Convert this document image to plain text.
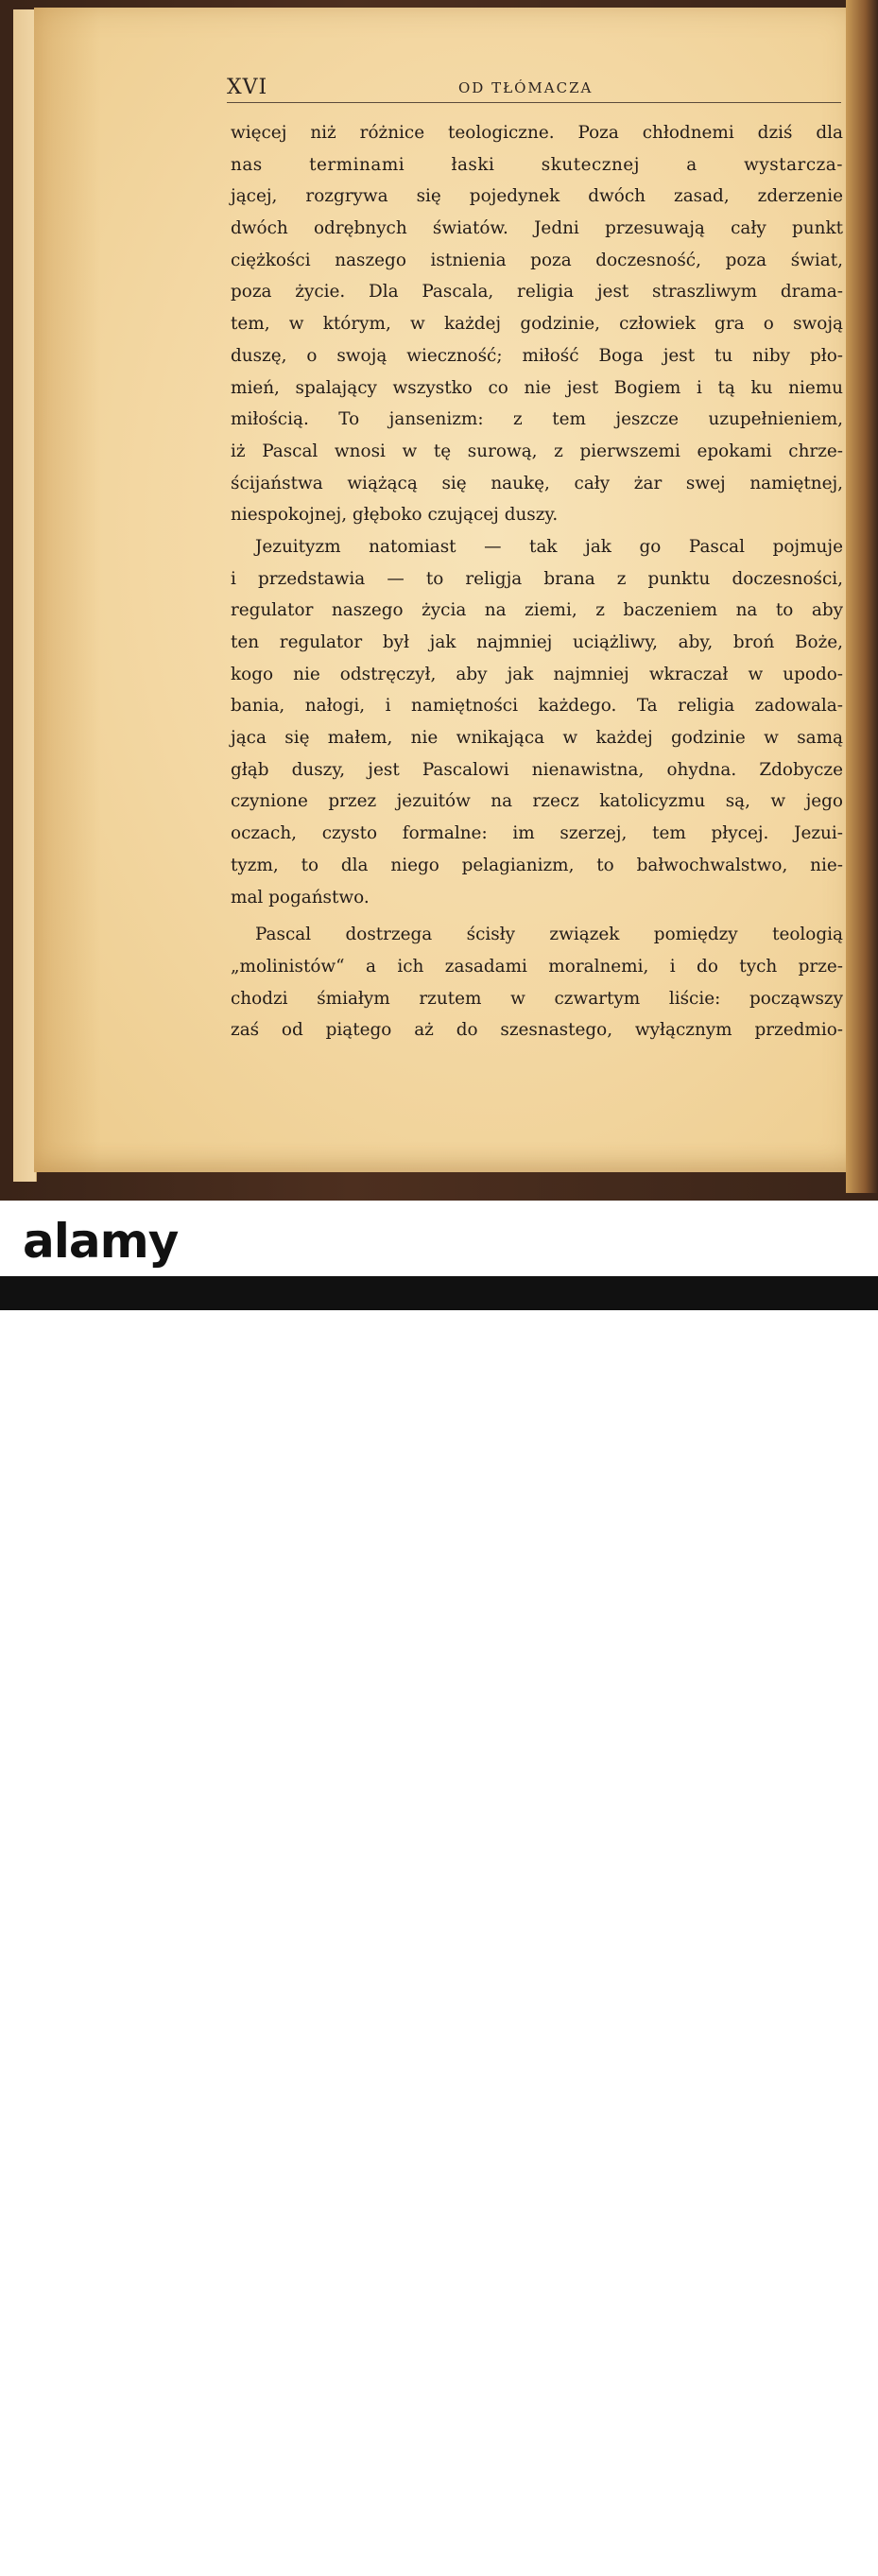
XVI	OD TŁÓMACZA
więcej niż różnice teologiczne. Poza chłodnemi dziś dla
nas terminami łaski skutecznej a wystarcza-
jącej, rozgrywa się pojedynek dwóch zasad, zderzenie
dwóch odrębnych światów. Jedni przesuwają cały punkt
ciężkości naszego istnienia poza doczesność, poza świat,
poza życie. Dla Pascala, religia jest straszliwym drama-
tem, w którym, w każdej godzinie, człowiek gra o swoją
duszę, o swoją wieczność; miłość Boga jest tu niby pło-
mień, spalający wszystko co nie jest Bogiem i tą ku niemu
miłością. To jansenizm: z tem jeszcze uzupełnieniem,
iż Pascal wnosi w tę surową, z pierwszemi epokami chrze-
ścijaństwa wiążącą się naukę, cały żar swej namiętnej,
niespokojnej, głęboko czującej duszy.
Jezuityzm natomiast — tak jak go Pascal pojmuje
i przedstawia — to religja brana z punktu doczesności,
regulator naszego życia na ziemi, z baczeniem na to aby
ten regulator był jak najmniej uciążliwy, aby, broń Boże,
kogo nie odstręczył, aby jak najmniej wkraczał w upodo-
bania, nałogi, i namiętności każdego. Ta religia zadowala-
jąca się małem, nie wnikająca w każdej godzinie w samą
głąb duszy, jest Pascalowi nienawistna, ohydna. Zdobycze
czynione przez jezuitów na rzecz katolicyzmu są, w jego
oczach, czysto formalne: im szerzej, tem płycej. Jezui-
tyzm, to dla niego pelagianizm, to bałwochwalstwo, nie-
mal pogaństwo.
Pascal dostrzega ścisły związek pomiędzy teologią
„molinistów“ a ich zasadami moralnemi, i do tych prze-
chodzi śmiałym rzutem w czwartym liście: począwszy
zaś od piątego aż do szesnastego, wyłącznym przedmio-
alamy
Image ID: P8257K	www.alamy.com
